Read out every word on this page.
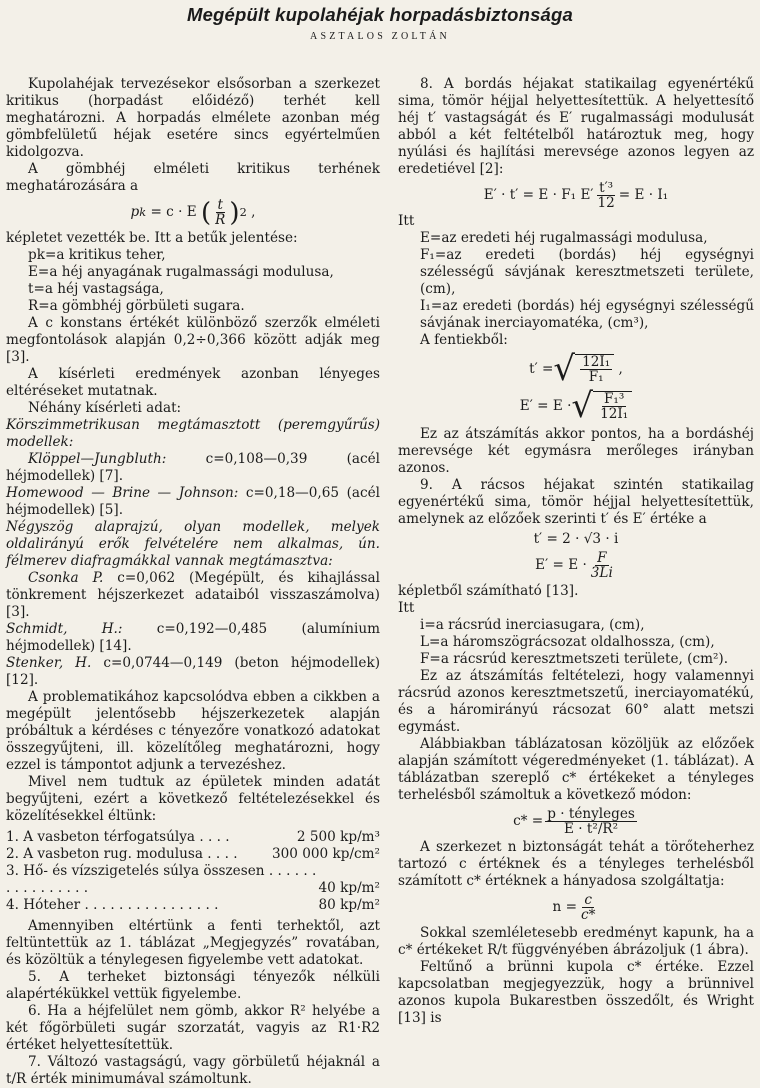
Megépült kupolahéjak horpadásbiztonsága
ASZTALOS ZOLTÁN

Kupolahéjak tervezésekor elsősorban a szerkezet kritikus (horpadást előidéző) terhét kell meghatározni. A horpadás elmélete azonban még gömbfelületű héjak esetére sincs egyértelműen kidolgozva.

A gömbhéj elméleti kritikus terhének meghatározására a

p k
= c · E
( $\frac{t}{R}$ ) 2 ,

képletet vezették be. Itt a betűk jelentése:

pk=a kritikus teher,

E=a héj anyagának rugalmassági modulusa,

t=a héj vastagsága,

R=a gömbhéj görbületi sugara.

A c konstans értékét különböző szerzők elméleti megfontolások alapján 0,2÷0,366 között adják meg [3].

A kísérleti eredmények azonban lényeges eltéréseket mutatnak.

Néhány kísérleti adat:

Körszimmetrikusan megtámasztott (peremgyűrűs) modellek:

Klöppel—Jungbluth:	c=0,108—0,39 (acél héjmodellek) [7].

Homewood — Brine — Johnson: c=0,18—0,65 (acél héjmodellek) [5].

Négyszög alaprajzú, olyan modellek, melyek oldalirányú erők felvételére nem alkalmas, ún. félmerev diafragmákkal vannak megtámasztva:

Csonka P. c=0,062 (Megépült, és kihajlással tönkrement héjszerkezet adataiból visszaszámolva) [3].

Schmidt, H.:	c=0,192—0,485 (alumínium héjmodellek) [14].

Stenker, H. c=0,0744—0,149 (beton héjmodellek) [12].

A problematikához kapcsolódva ebben a cikkben a megépült jelentősebb héjszerkezetek alapján próbáltuk a kérdéses c tényezőre vonatkozó adatokat összegyűjteni, ill. közelítőleg meghatározni, hogy ezzel is támpontot adjunk a tervezéshez.

Mivel nem tudtuk az épületek minden adatát begyűjteni, ezért a következő feltételezésekkel és közelítésekkel éltünk:

1. A vasbeton térfogatsúlya . . . .	2 500 kp/m³
2. A vasbeton rug. modulusa . . . .	300 000 kp/cm²
3. Hő- és vízszigetelés súlya összesen . . . . . . . . . . . . . . . .	40 kp/m²
4. Hóteher . . . . . . . . . . . . . . . .	80 kp/m²

Amennyiben eltértünk a fenti terhektől, azt feltüntettük az 1. táblázat „Megjegyzés” rovatában, és közöltük a ténylegesen figyelembe vett adatokat.

5. A terheket biztonsági tényezők nélküli alapértékükkel vettük figyelembe.

6. Ha a héjfelület nem gömb, akkor R² helyébe a két főgörbületi sugár szorzatát, vagyis az R1·R2 értéket helyettesítettük.

7. Változó vastagságú, vagy görbületű héjaknál a t/R érték minimumával számoltunk.

8. A bordás héjakat statikailag egyenértékű sima, tömör héjjal helyettesítettük. A helyettesítő héj t′ vastagságát és E′ rugalmassági modulusát abból a két feltételből határoztuk meg, hogy nyúlási és hajlítási merevsége azonos legyen az eredetiével [2]:

E′ · t′ = E · F₁ $E' \frac{\text{t′³}}{12} = E \cdot I_1$

Itt

E=az eredeti héj rugalmassági modulusa,

F₁=az eredeti (bordás) héj egységnyi szélességű sávjának keresztmetszeti területe, (cm),

I₁=az eredeti (bordás) héj egységnyi szélességű sávjának inerciayomatéka, (cm³),

A fentiekből:

t′ = √ $\frac{\text{12I₁}}{\text{F₁}}$ ,
E′ = E · √ $\frac{\text{F₁³}}{\text{12I₁}}$

Ez az átszámítás akkor pontos, ha a bordáshéj merevsége két egymásra merőleges irányban azonos.

9. A rácsos héjakat szintén statikailag egyenértékű sima, tömör héjjal helyettesítettük, amelynek az előzőek szerinti t′ és E′ értéke a

t′ = 2 · √3 · i
$E' = E \cdot \frac{F}{3Li}$

képletből számítható [13].

Itt

i=a rácsrúd inerciasugara, (cm),

L=a háromszögrácsozat oldalhossza, (cm),

F=a rácsrúd keresztmetszeti területe, (cm²).

Ez az átszámítás feltételezi, hogy valamennyi rácsrúd azonos keresztmetszetű, inerciayomatékú, és a háromirányú rácsozat 60° alatt metszi egymást.

Alábbiakban táblázatosan közöljük az előzőek alapján számított végeredményeket (1. táblázat). A táblázatban szereplő c* értékeket a tényleges terhelésből számoltuk a következő módon:

$c* = \frac{\text{p · tényleges}}{\text{E · t²/R²}}$

A szerkezet n biztonságát tehát a törőteherhez tartozó c értéknek és a tényleges terhelésből számított c* értéknek a hányadosa szolgáltatja:

$n = \frac{c}{c*}$

Sokkal szemléletesebb eredményt kapunk, ha a c* értékeket R/t függvényében ábrázoljuk (1 ábra).

Feltűnő a brünni kupola c* értéke. Ezzel kapcsolatban megjegyezzük, hogy a brünnivel azonos kupola Bukarestben összedőlt, és Wright [13] is
